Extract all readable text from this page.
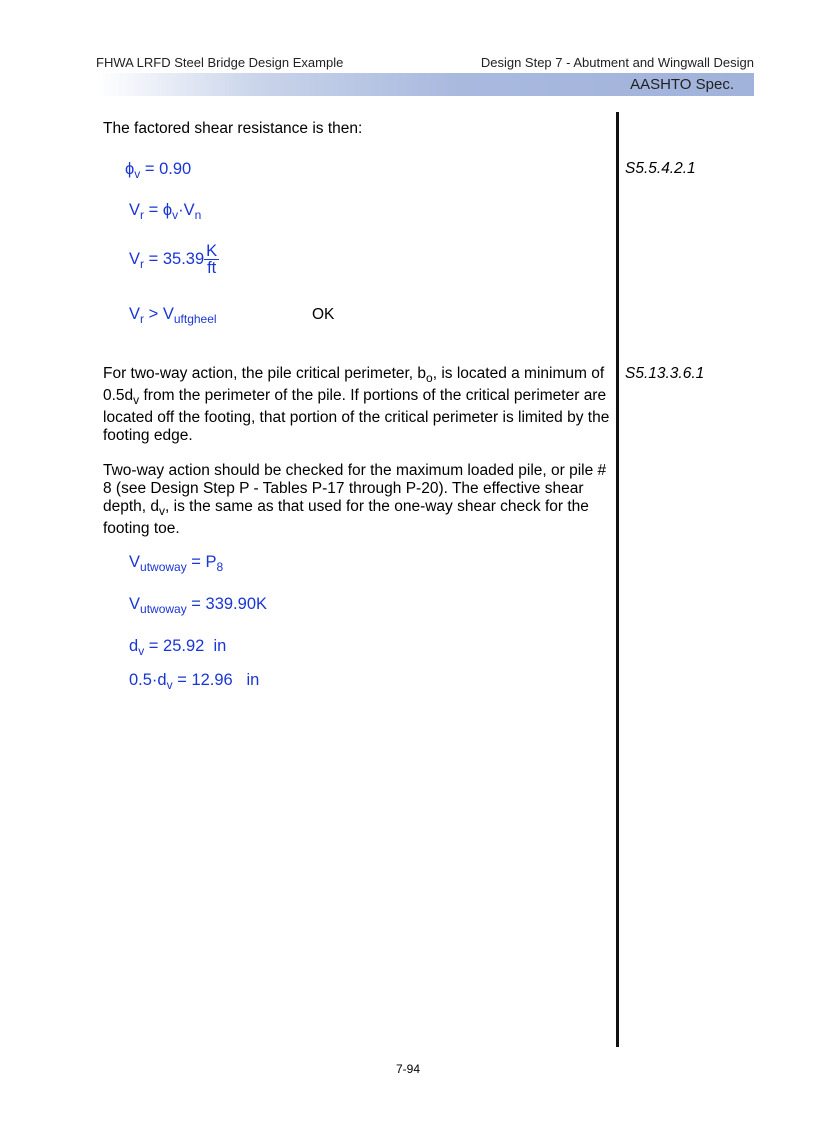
FHWA LRFD Steel Bridge Design Example	Design Step 7 - Abutment and Wingwall Design
AASHTO Spec.
The factored shear resistance is then:
$\phi_v = 0.90$	S5.5.4.2.1
$V_r = \phi_v\cdot V_n$
$V_r = 35.39 \frac{K}{ft}$
$V_r > V_{uftgheel}$	OK
For two-way action, the pile critical perimeter, $b_o$, is located a minimum of $0.5d_v$ from the perimeter of the pile. If portions of the critical perimeter are located off the footing, that portion of the critical perimeter is limited by the footing edge.
S5.13.3.6.1
Two-way action should be checked for the maximum loaded pile, or pile # 8 (see Design Step P - Tables P-17 through P-20). The effective shear depth, $d_v$, is the same as that used for the one-way shear check for the footing toe.
$V_{utwoway} = P_8$
$V_{utwoway} = 339.90K$
$d_v = 25.92$ in
$0.5\cdot d_v = 12.96$ in
7-94
